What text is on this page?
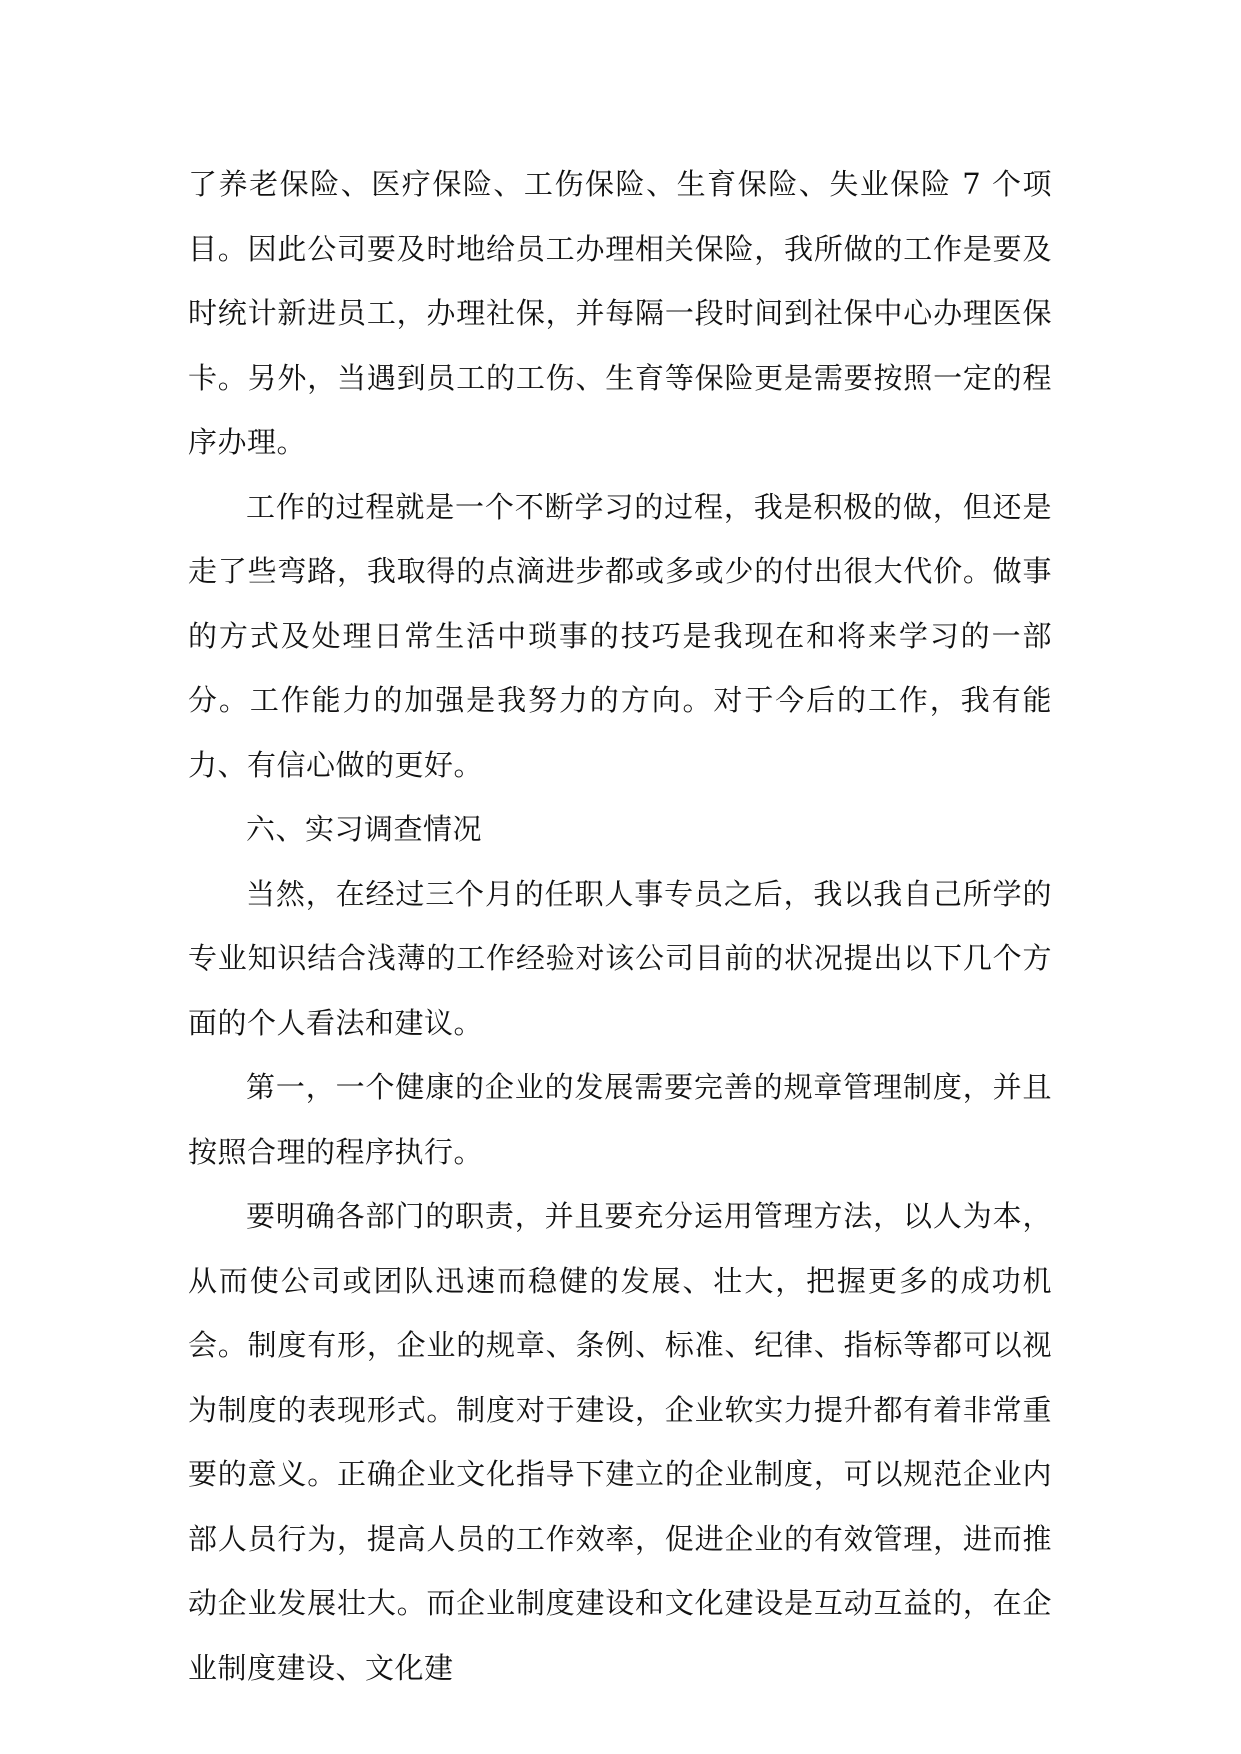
了养老保险、医疗保险、工伤保险、生育保险、失业保险 7 个项目。因此公司要及时地给员工办理相关保险，我所做的工作是要及时统计新进员工，办理社保，并每隔一段时间到社保中心办理医保卡。另外，当遇到员工的工伤、生育等保险更是需要按照一定的程序办理。

工作的过程就是一个不断学习的过程，我是积极的做，但还是走了些弯路，我取得的点滴进步都或多或少的付出很大代价。做事的方式及处理日常生活中琐事的技巧是我现在和将来学习的一部分。工作能力的加强是我努力的方向。对于今后的工作，我有能力、有信心做的更好。

六、实习调查情况

当然，在经过三个月的任职人事专员之后，我以我自己所学的专业知识结合浅薄的工作经验对该公司目前的状况提出以下几个方面的个人看法和建议。

第一，一个健康的企业的发展需要完善的规章管理制度，并且按照合理的程序执行。

要明确各部门的职责，并且要充分运用管理方法，以人为本，从而使公司或团队迅速而稳健的发展、壮大，把握更多的成功机会。制度有形，企业的规章、条例、标准、纪律、指标等都可以视为制度的表现形式。制度对于建设，企业软实力提升都有着非常重要的意义。正确企业文化指导下建立的企业制度，可以规范企业内部人员行为，提高人员的工作效率，促进企业的有效管理，进而推动企业发展壮大。而企业制度建设和文化建设是互动互益的，在企业制度建设、文化建
